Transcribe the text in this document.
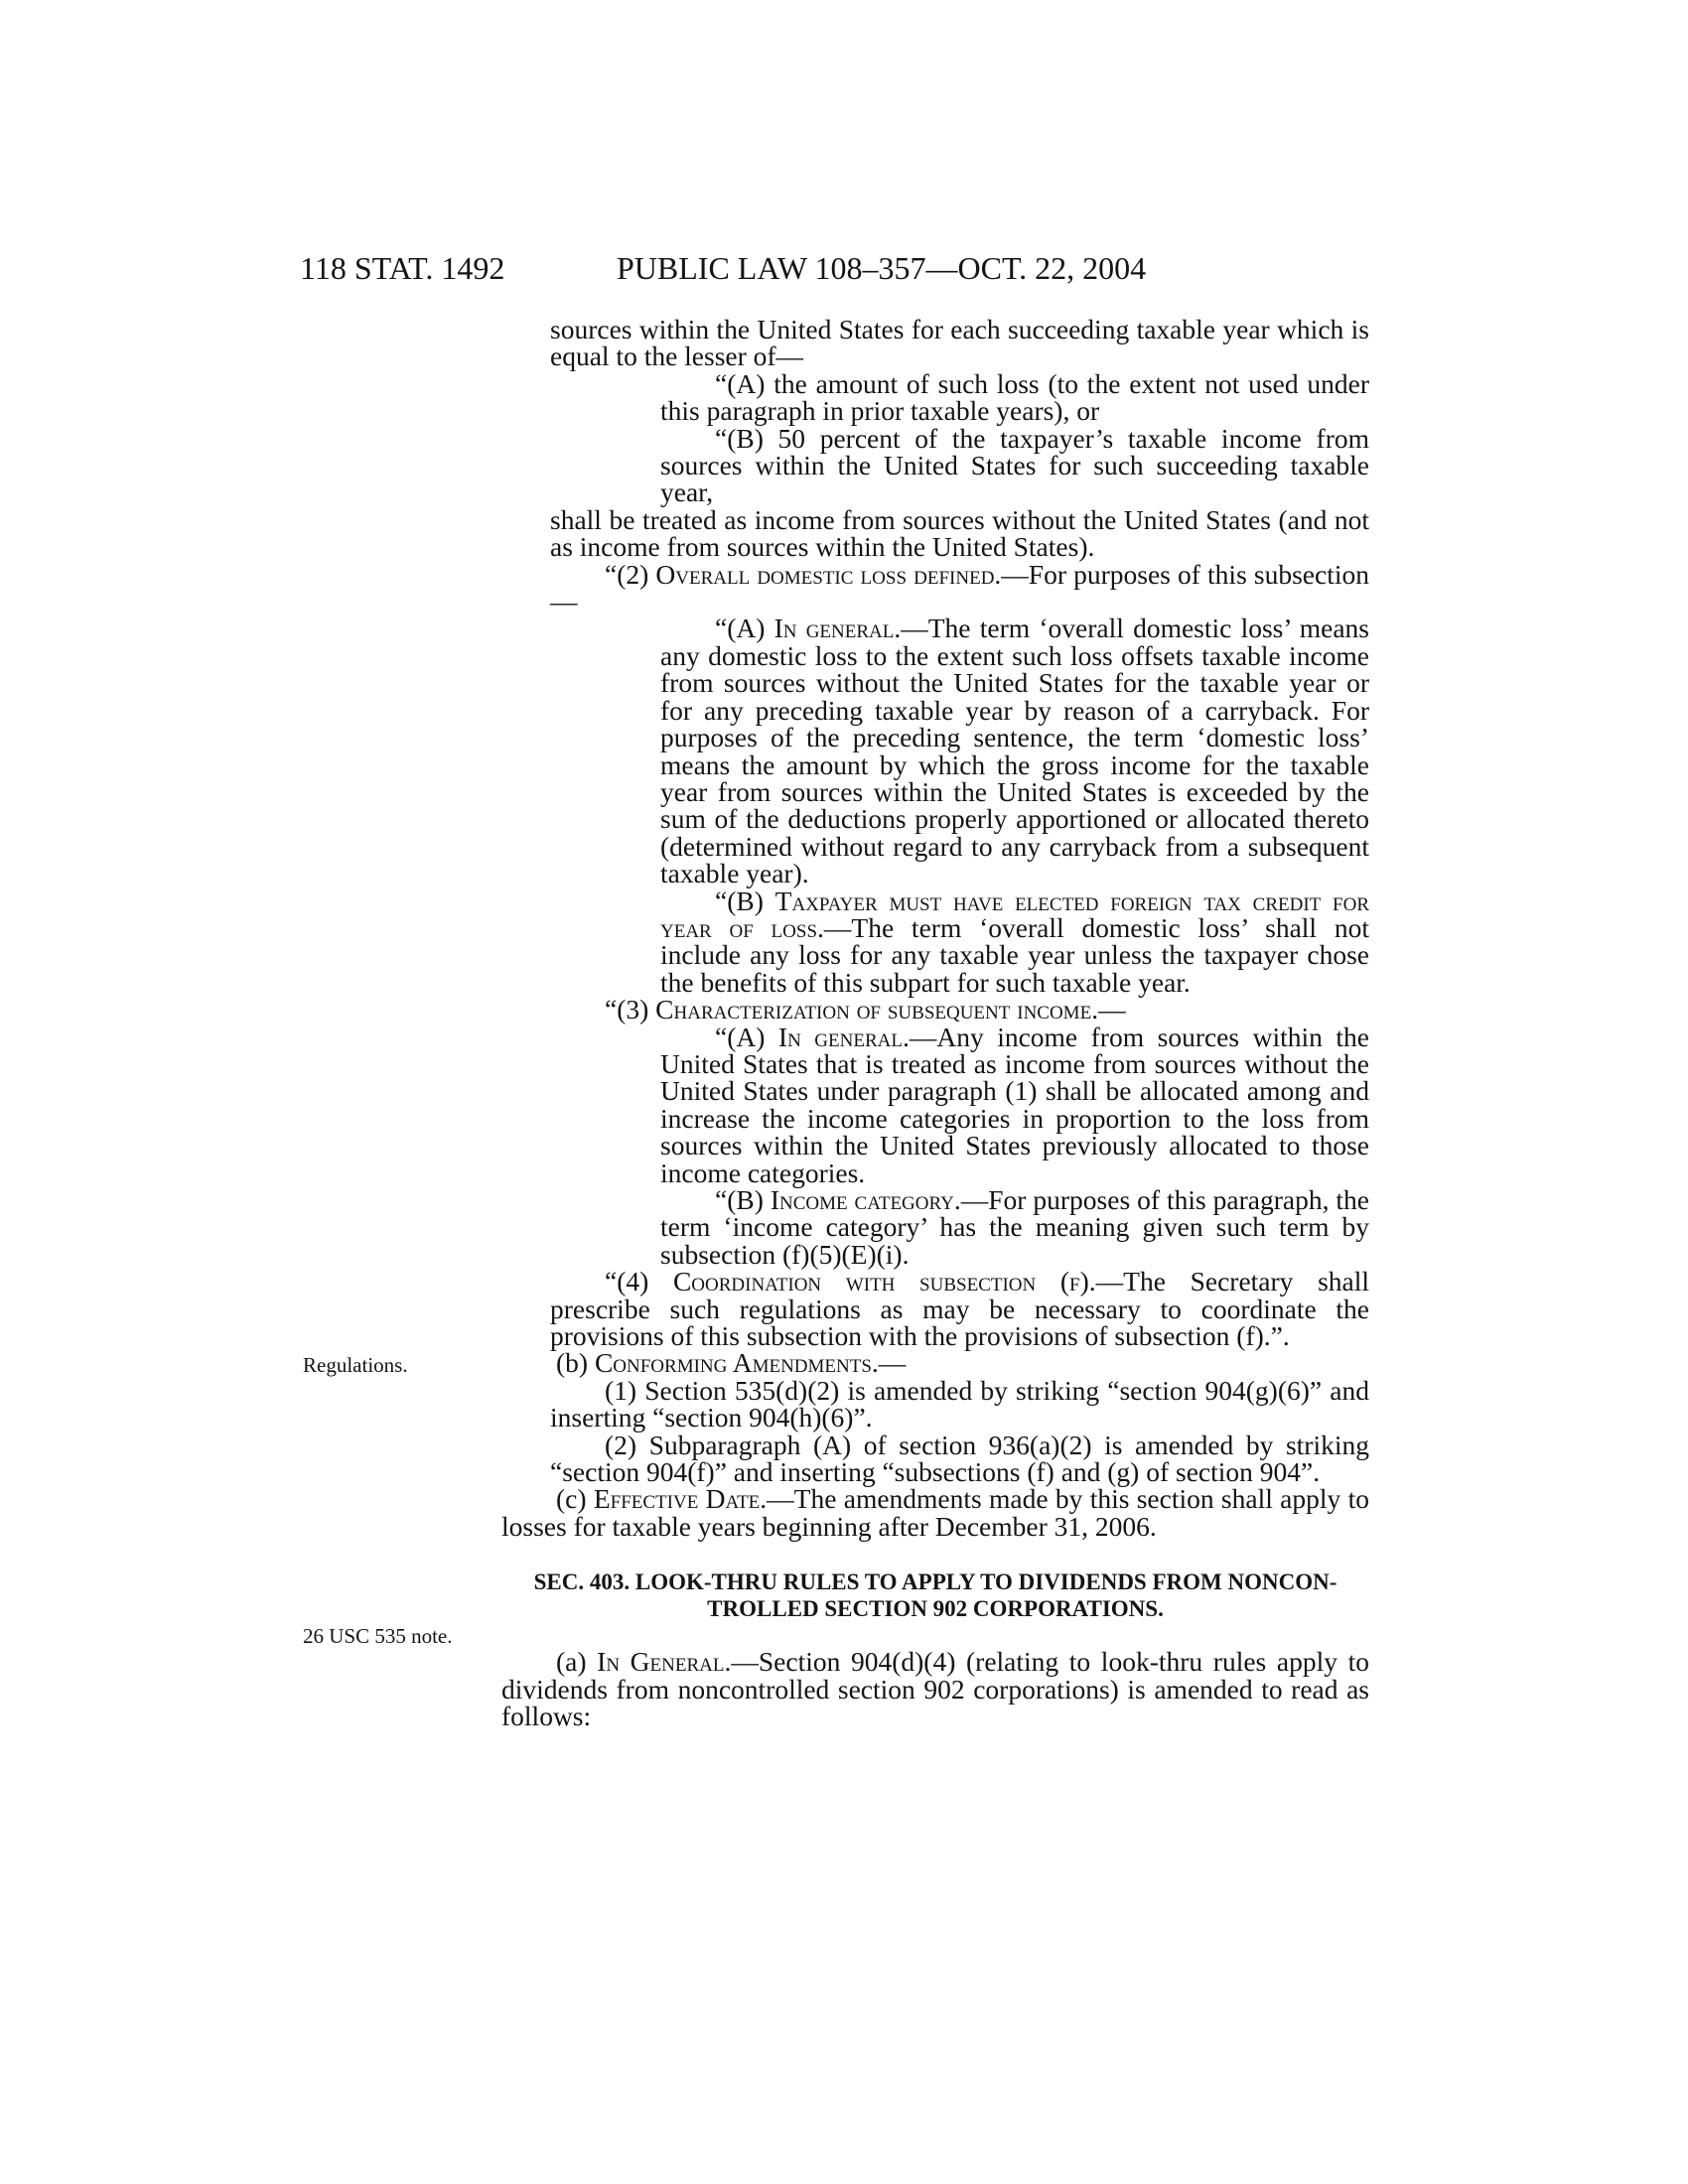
118 STAT. 1492	PUBLIC LAW 108–357—OCT. 22, 2004
Regulations.
26 USC 535 note.

sources within the United States for each succeeding taxable year which is equal to the lesser of—

“(A) the amount of such loss (to the extent not used under this paragraph in prior taxable years), or

“(B) 50 percent of the taxpayer’s taxable income from sources within the United States for such succeeding taxable year,

shall be treated as income from sources without the United States (and not as income from sources within the United States).

“(2) Overall domestic loss defined.—For purposes of this subsection—

“(A) In general.—The term ‘overall domestic loss’ means any domestic loss to the extent such loss offsets taxable income from sources without the United States for the taxable year or for any preceding taxable year by reason of a carryback. For purposes of the preceding sentence, the term ‘domestic loss’ means the amount by which the gross income for the taxable year from sources within the United States is exceeded by the sum of the deductions properly apportioned or allocated thereto (determined without regard to any carryback from a subsequent taxable year).

“(B) Taxpayer must have elected foreign tax credit for year of loss.—The term ‘overall domestic loss’ shall not include any loss for any taxable year unless the taxpayer chose the benefits of this subpart for such taxable year.

“(3) Characterization of subsequent income.—

“(A) In general.—Any income from sources within the United States that is treated as income from sources without the United States under paragraph (1) shall be allocated among and increase the income categories in proportion to the loss from sources within the United States previously allocated to those income categories.

“(B) Income category.—For purposes of this paragraph, the term ‘income category’ has the meaning given such term by subsection (f)(5)(E)(i).

“(4) Coordination with subsection (f).—The Secretary shall prescribe such regulations as may be necessary to coordinate the provisions of this subsection with the provisions of subsection (f).”.

(b) Conforming Amendments.—

(1) Section 535(d)(2) is amended by striking “section 904(g)(6)” and inserting “section 904(h)(6)”.

(2) Subparagraph (A) of section 936(a)(2) is amended by striking “section 904(f)” and inserting “subsections (f) and (g) of section 904”.

(c) Effective Date.—The amendments made by this section shall apply to losses for taxable years beginning after December 31, 2006.

SEC. 403. LOOK-THRU RULES TO APPLY TO DIVIDENDS FROM NONCON-
TROLLED SECTION 902 CORPORATIONS.

(a) In General.—Section 904(d)(4) (relating to look-thru rules apply to dividends from noncontrolled section 902 corporations) is amended to read as follows:
